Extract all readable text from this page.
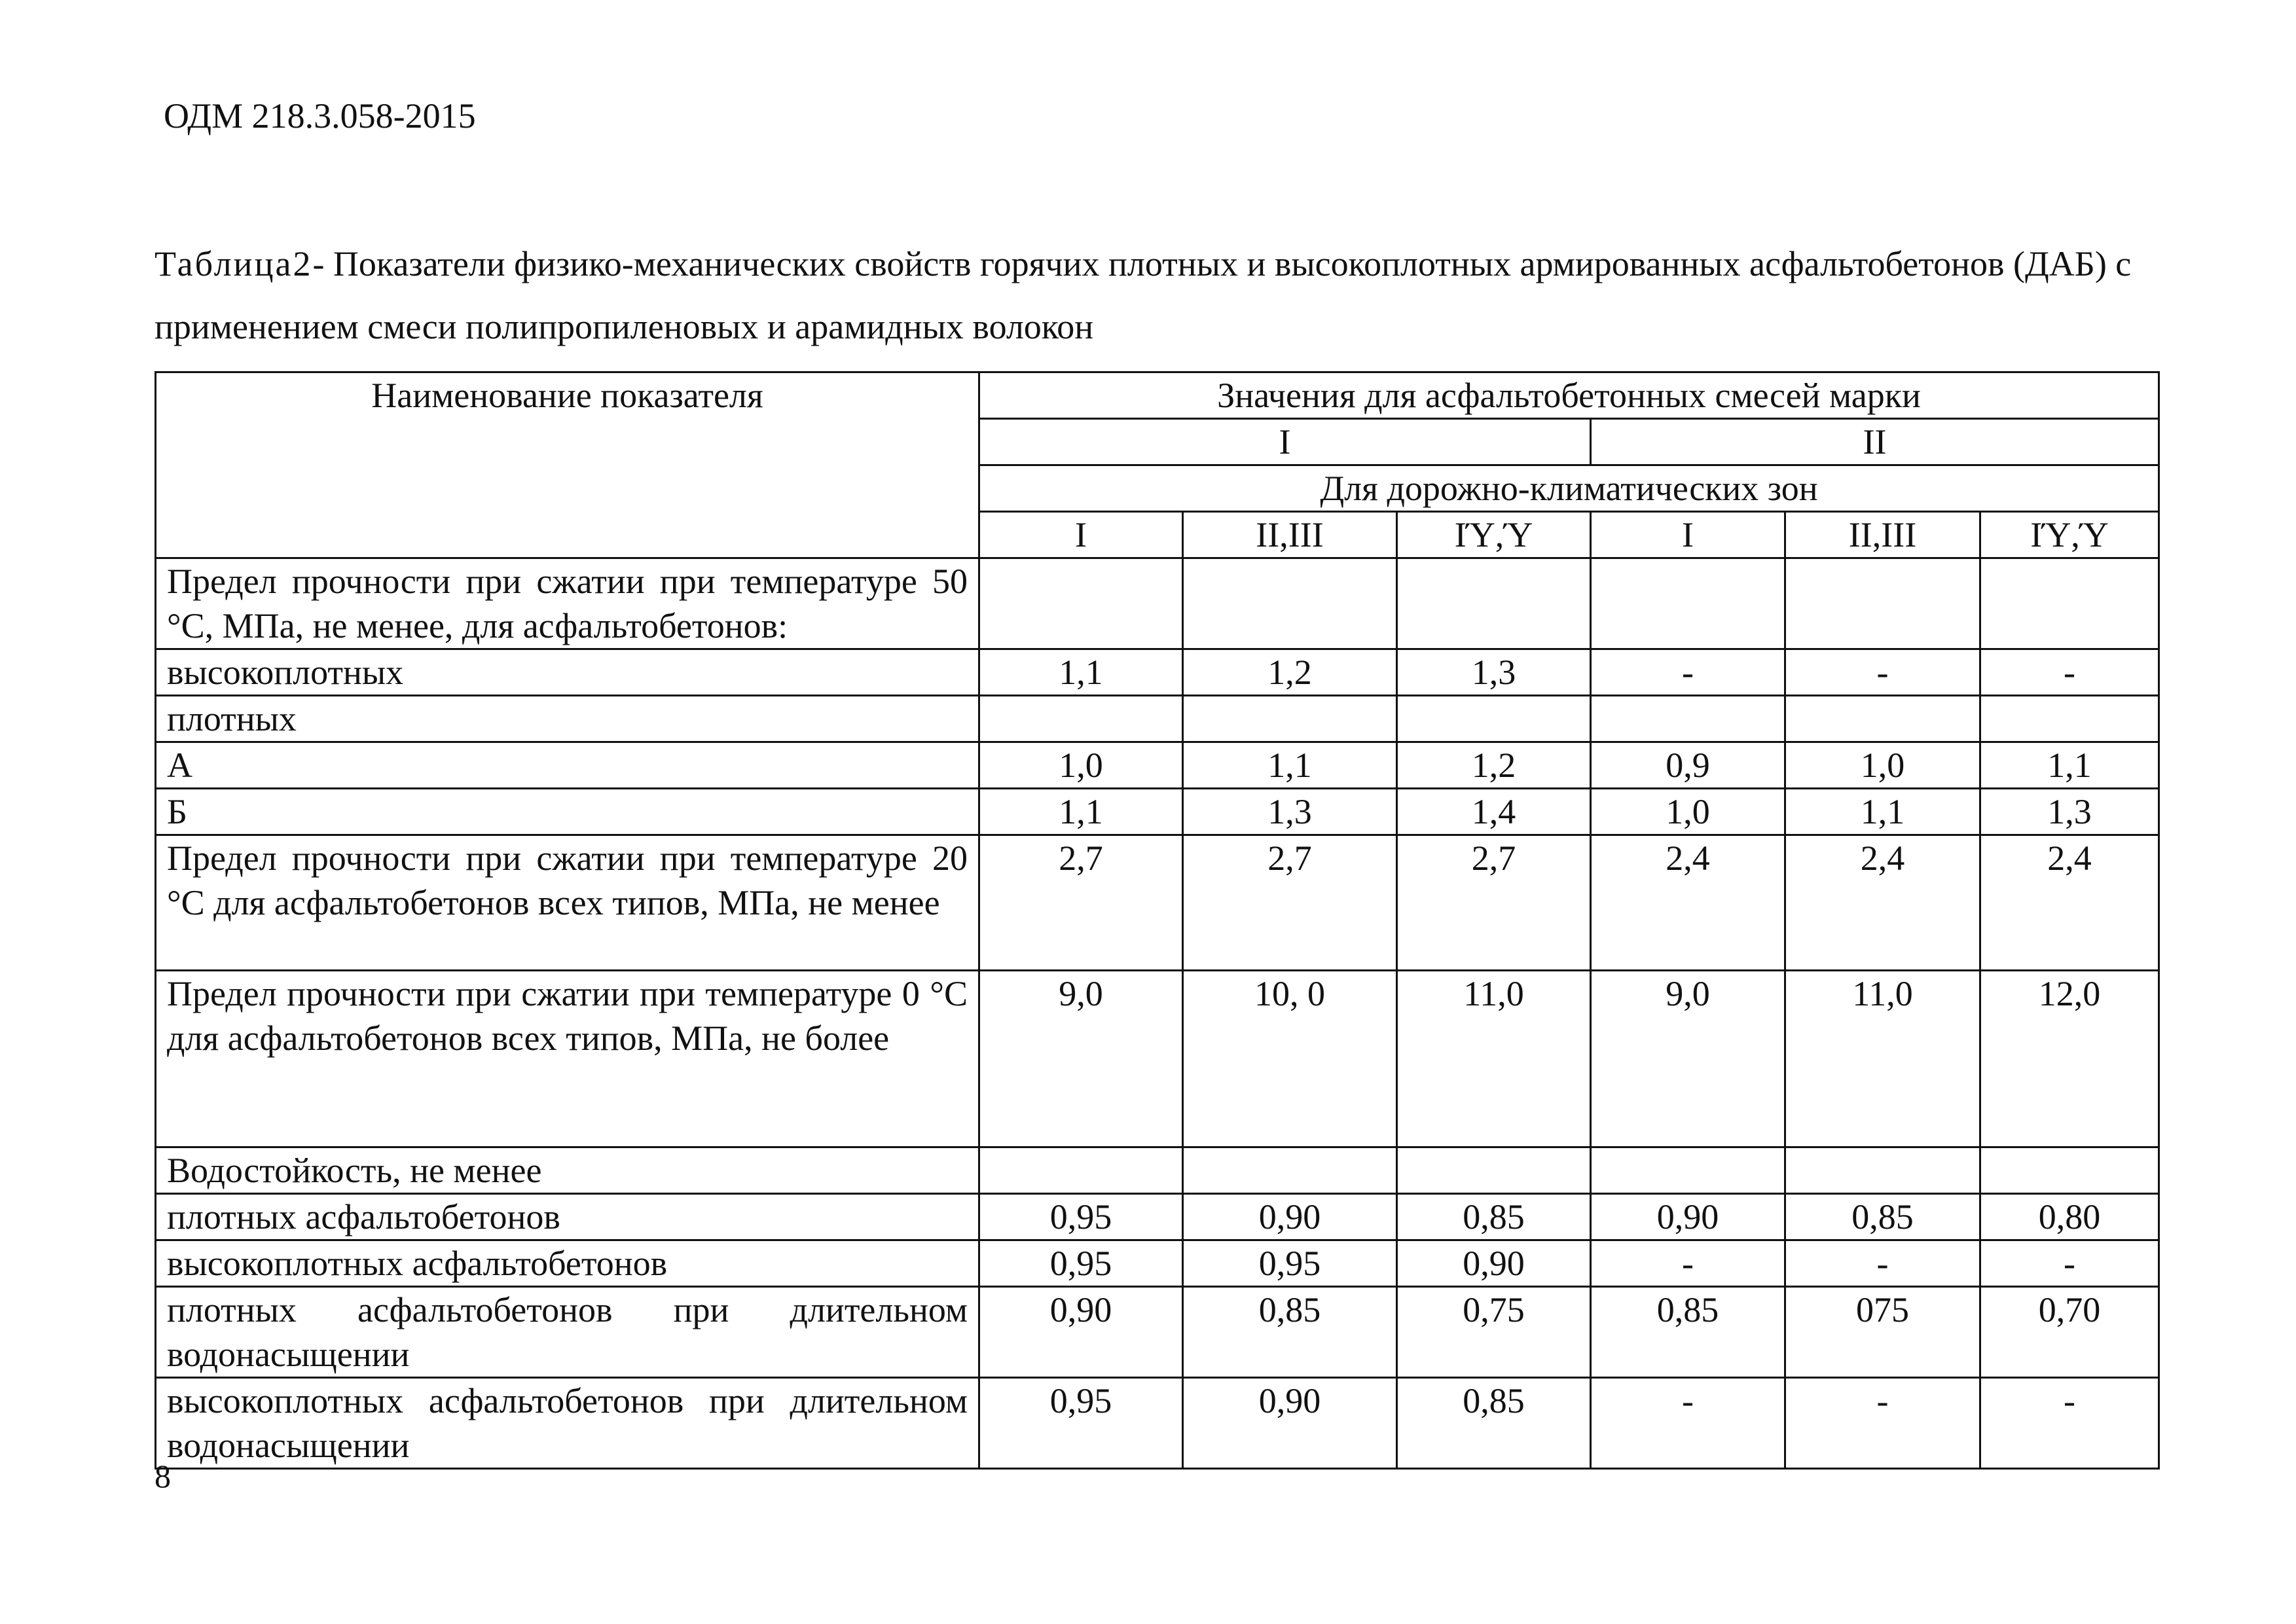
ОДМ 218.3.058-2015
Таблица2- Показатели физико-механических свойств горячих плотных и высокоплотных армированных асфальтобетонов (ДАБ) с применением смеси полипропиленовых и арамидных волокон
Наименование показателя	Значения для асфальтобетонных смесей марки					
	I			II		
	Для дорожно-климатических зон					
	I	II,III	ΙΎ,Ύ	I	II,III	ΙΎ,Ύ
Предел прочности при сжатии при температуре 50 °С, МПа, не менее, для асфальтобетонов:						
высокоплотных	1,1	1,2	1,3	-	-	-
плотных						
А	1,0	1,1	1,2	0,9	1,0	1,1
Б	1,1	1,3	1,4	1,0	1,1	1,3
Предел прочности при сжатии при температуре 20 °С для асфальтобетонов всех типов, МПа, не менее	2,7	2,7	2,7	2,4	2,4	2,4
Предел прочности при сжатии при температуре 0 °С для асфальтобетонов всех типов, МПа, не более	9,0	10, 0	11,0	9,0	11,0	12,0
Водостойкость, не менее						
плотных асфальтобетонов	0,95	0,90	0,85	0,90	0,85	0,80
высокоплотных асфальтобетонов	0,95	0,95	0,90	-	-	-
плотных асфальтобетонов при длительном водонасыщении	0,90	0,85	0,75	0,85	075	0,70
высокоплотных асфальтобетонов при длительном водонасыщении	0,95	0,90	0,85	-	-	-
8
